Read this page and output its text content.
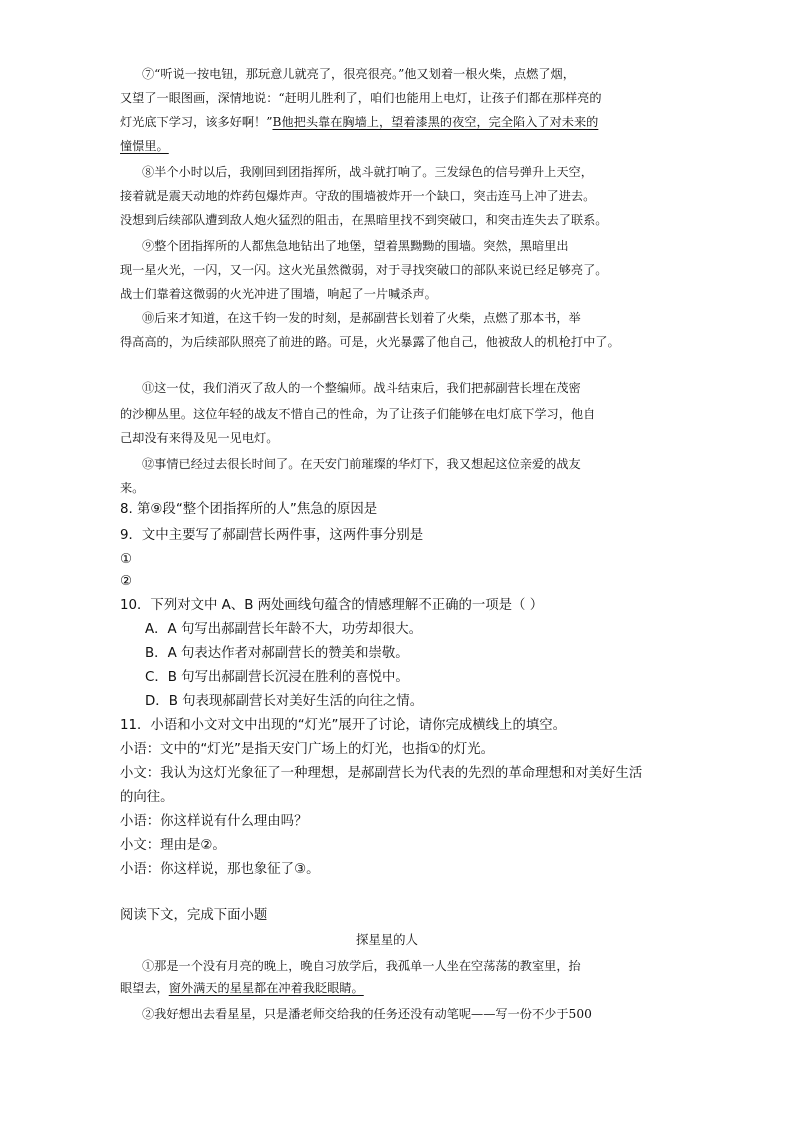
⑦“听说一按电钮，那玩意儿就亮了，很亮很亮。”他又划着一根火柴，点燃了烟，
又望了一眼图画，深情地说：“赶明儿胜利了，咱们也能用上电灯，让孩子们都在那样亮的
灯光底下学习，该多好啊！”B他把头靠在胸墙上，望着漆黑的夜空，完全陷入了对未来的
憧憬里。
⑧半个小时以后，我刚回到团指挥所，战斗就打响了。三发绿色的信号弹升上天空，
接着就是震天动地的炸药包爆炸声。守敌的围墙被炸开一个缺口，突击连马上冲了进去。
没想到后续部队遭到敌人炮火猛烈的阻击，在黑暗里找不到突破口，和突击连失去了联系。
⑨整个团指挥所的人都焦急地钻出了地堡，望着黑黝黝的围墙。突然，黑暗里出
现一星火光，一闪，又一闪。这火光虽然微弱，对于寻找突破口的部队来说已经足够亮了。
战士们靠着这微弱的火光冲进了围墙，响起了一片喊杀声。
⑩后来才知道，在这千钧一发的时刻，是郝副营长划着了火柴，点燃了那本书，举
得高高的，为后续部队照亮了前进的路。可是，火光暴露了他自己，他被敌人的机枪打中了。
⑪这一仗，我们消灭了敌人的一个整编师。战斗结束后，我们把郝副营长埋在茂密
的沙柳丛里。这位年轻的战友不惜自己的性命，为了让孩子们能够在电灯底下学习，他自
己却没有来得及见一见电灯。
⑫事情已经过去很长时间了。在天安门前璀璨的华灯下，我又想起这位亲爱的战友
来。
8. 第⑨段“整个团指挥所的人”焦急的原因是
9．文中主要写了郝副营长两件事，这两件事分别是
①
②
10．下列对文中 A、B 两处画线句蕴含的情感理解不正确的一项是（ ）
A．A 句写出郝副营长年龄不大，功劳却很大。
B．A 句表达作者对郝副营长的赞美和崇敬。
C．B 句写出郝副营长沉浸在胜利的喜悦中。
D．B 句表现郝副营长对美好生活的向往之情。
11．小语和小文对文中出现的“灯光”展开了讨论，请你完成横线上的填空。
小语：文中的“灯光”是指天安门广场上的灯光，也指①的灯光。
小文：我认为这灯光象征了一种理想，是郝副营长为代表的先烈的革命理想和对美好生活
的向往。
小语：你这样说有什么理由吗？
小文：理由是②。
小语：你这样说，那也象征了③。
阅读下文，完成下面小题
探星星的人
①那是一个没有月亮的晚上，晚自习放学后，我孤单一人坐在空荡荡的教室里，抬
眼望去，窗外满天的星星都在冲着我眨眼睛。
②我好想出去看星星，只是潘老师交给我的任务还没有动笔呢——写一份不少于500
